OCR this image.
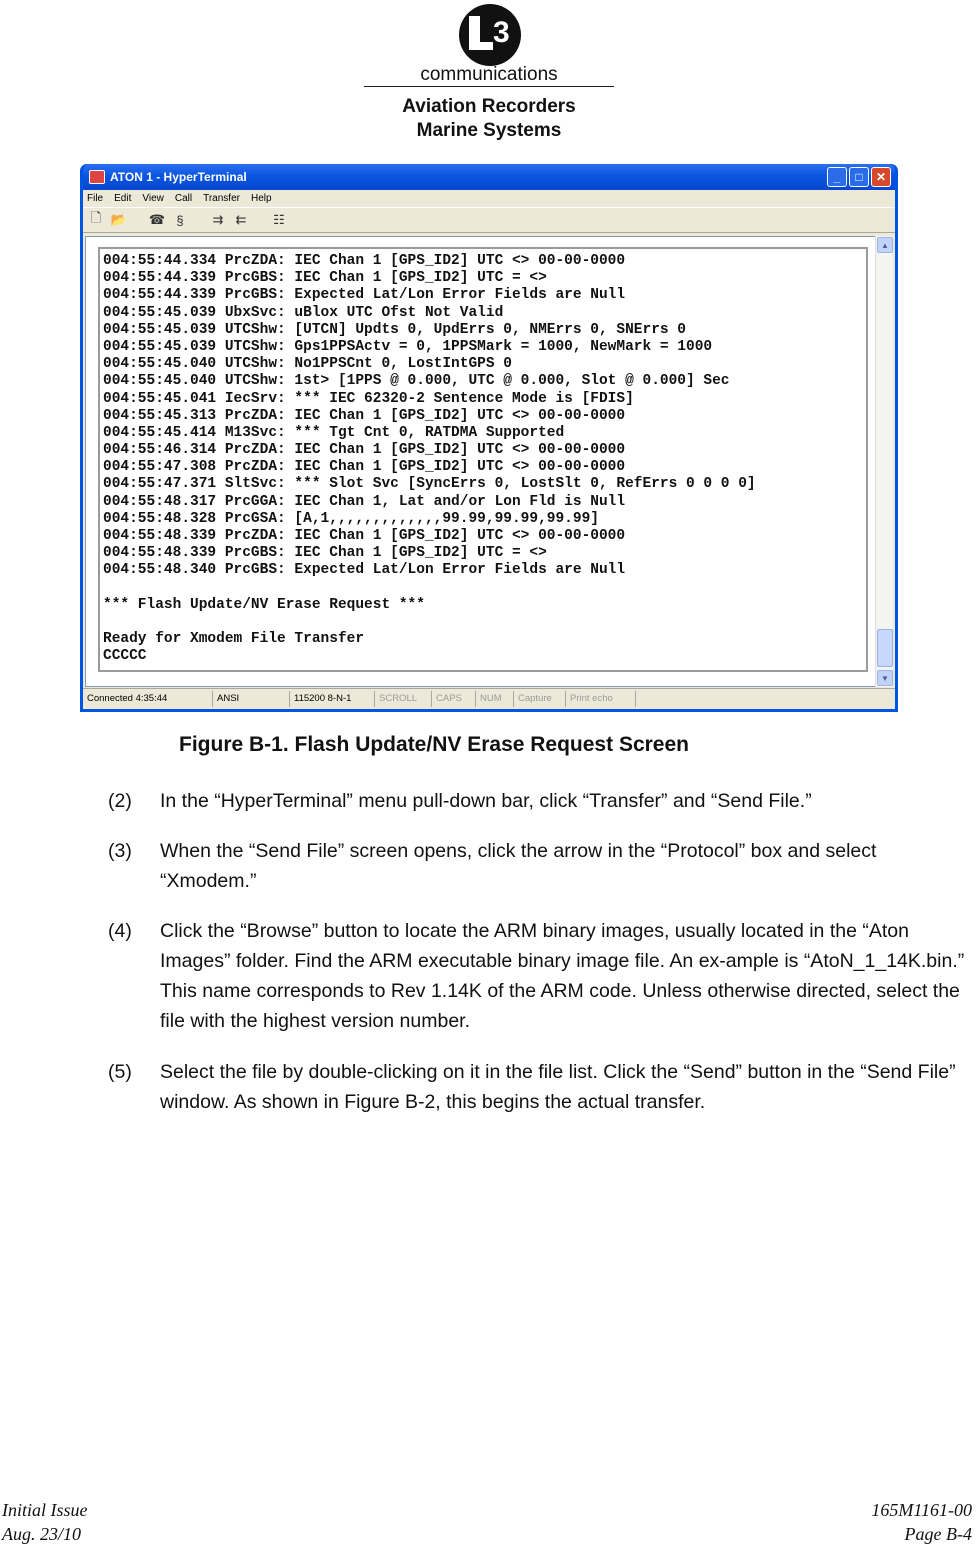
3
communications
Aviation Recorders
Marine Systems
ATON 1 - HyperTerminal	_	□	✕
File Edit View Call Transfer Help
🗋 📂 ☎ §	⇉ ⇇ ☷
004:55:44.334 PrcZDA: IEC Chan 1 [GPS_ID2] UTC <> 00-00-0000
004:55:44.339 PrcGBS: IEC Chan 1 [GPS_ID2] UTC = <>
004:55:44.339 PrcGBS: Expected Lat/Lon Error Fields are Null
004:55:45.039 UbxSvc: uBlox UTC Ofst Not Valid
004:55:45.039 UTCShw: [UTCN] Updts 0, UpdErrs 0, NMErrs 0, SNErrs 0
004:55:45.039 UTCShw: Gps1PPSActv = 0, 1PPSMark = 1000, NewMark = 1000
004:55:45.040 UTCShw: No1PPSCnt 0, LostIntGPS 0
004:55:45.040 UTCShw: 1st> [1PPS @ 0.000, UTC @ 0.000, Slot @ 0.000] Sec
004:55:45.041 IecSrv: *** IEC 62320-2 Sentence Mode is [FDIS]
004:55:45.313 PrcZDA: IEC Chan 1 [GPS_ID2] UTC <> 00-00-0000
004:55:45.414 M13Svc: *** Tgt Cnt 0, RATDMA Supported
004:55:46.314 PrcZDA: IEC Chan 1 [GPS_ID2] UTC <> 00-00-0000
004:55:47.308 PrcZDA: IEC Chan 1 [GPS_ID2] UTC <> 00-00-0000
004:55:47.371 SltSvc: *** Slot Svc [SyncErrs 0, LostSlt 0, RefErrs 0 0 0 0]
004:55:48.317 PrcGGA: IEC Chan 1, Lat and/or Lon Fld is Null
004:55:48.328 PrcGSA: [A,1,,,,,,,,,,,,,99.99,99.99,99.99]
004:55:48.339 PrcZDA: IEC Chan 1 [GPS_ID2] UTC <> 00-00-0000
004:55:48.339 PrcGBS: IEC Chan 1 [GPS_ID2] UTC = <>
004:55:48.340 PrcGBS: Expected Lat/Lon Error Fields are Null
*** Flash Update/NV Erase Request ***
Ready for Xmodem File Transfer
CCCCC
▲
▼
Connected 4:35:44	ANSI	115200 8-N-1	SCROLL	CAPS	NUM	Capture	Print echo
Figure B-1. Flash Update/NV Erase Request Screen
(2) In the “HyperTerminal” menu pull-down bar, click “Transfer” and “Send File.”
(3) When the “Send File” screen opens, click the arrow in the “Protocol” box and select “Xmodem.”
(4) Click the “Browse” button to locate the ARM binary images, usually located in the “Aton Images” folder. Find the ARM executable binary image file. An ex-ample is “AtoN_1_14K.bin.” This name corresponds to Rev 1.14K of the ARM code. Unless otherwise directed, select the file with the highest version number.
(5) Select the file by double-clicking on it in the file list. Click the “Send” button in the “Send File” window. As shown in Figure B-2, this begins the actual transfer.
Initial Issue
Aug. 23/10
165M1161-00
Page B-4
